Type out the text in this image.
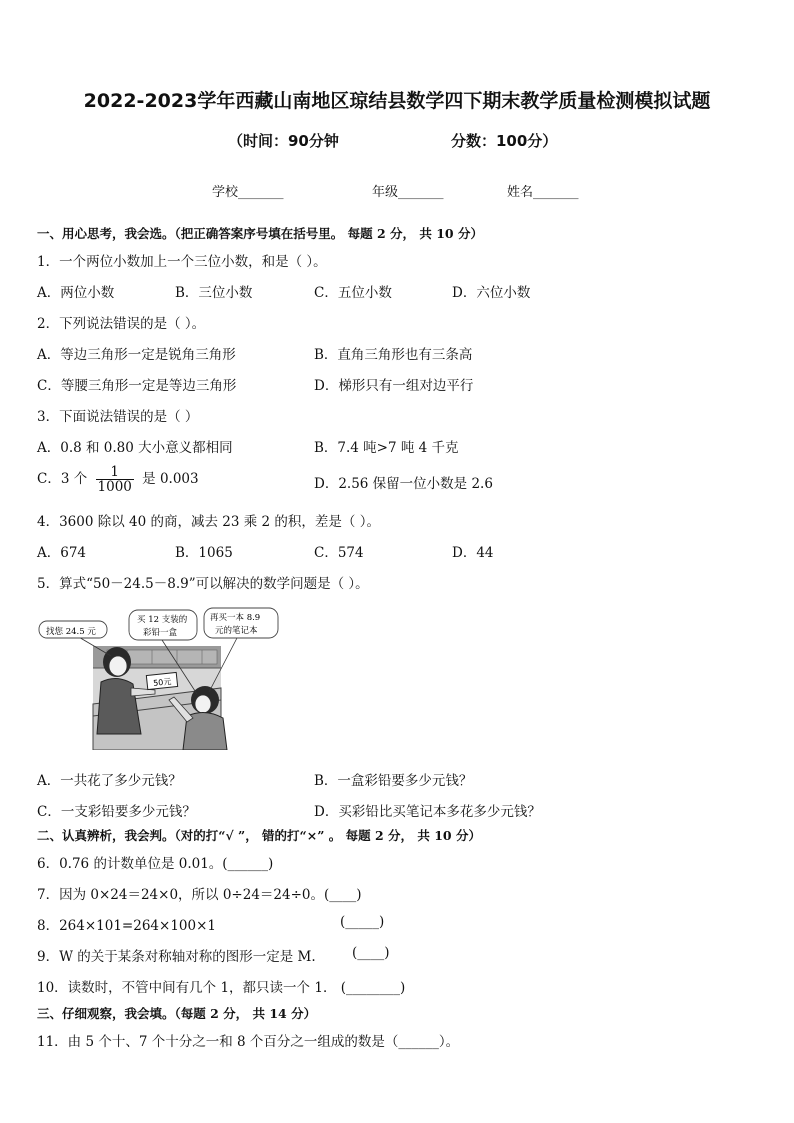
2022-2023学年西藏山南地区琼结县数学四下期末教学质量检测模拟试题
（时间：90分钟	分数：100分）
学校_______	年级_______	姓名_______
一、用心思考，我会选。（把正确答案序号填在括号里。 每题 2 分， 共 10 分）
1．一个两位小数加上一个三位小数，和是（ ）。
A．两位小数	B．三位小数	C．五位小数	D．六位小数
2．下列说法错误的是（ ）。
A．等边三角形一定是锐角三角形	B．直角三角形也有三条高
C．等腰三角形一定是等边三角形	D．梯形只有一组对边平行
3．下面说法错误的是（ ）
A．0.8 和 0.80 大小意义都相同	B．7.4 吨>7 吨 4 千克
C．3 个 $\frac{1}{1000}$ 是 0.003	D．2.56 保留一位小数是 2.6
4．3600 除以 40 的商，减去 23 乘 2 的积，差是（ ）。
A．674	B．1065	C．574	D．44
5．算式“50－24.5－8.9”可以解决的数学问题是（ ）。
50元
找您 24.5 元
买 12 支装的
彩铅一盒
再买一本 8.9
元的笔记本
A．一共花了多少元钱？	B．一盒彩铅要多少元钱？
C．一支彩铅要多少元钱？	D．买彩铅比买笔记本多花多少元钱？
二、认真辨析，我会判。（对的打“√ ”， 错的打“×” 。 每题 2 分， 共 10 分）
6．0.76 的计数单位是 0.01。(______)
7．因为 0×24＝24×0，所以 0÷24＝24÷0。(____)
8．264×101=264×100×1	(_____)
9．W 的关于某条对称轴对称的图形一定是 M.	(____)
10．读数时，不管中间有几个 1，都只读一个 1． (________)
三、仔细观察，我会填。（每题 2 分， 共 14 分）
11．由 5 个十、7 个十分之一和 8 个百分之一组成的数是（______）。
